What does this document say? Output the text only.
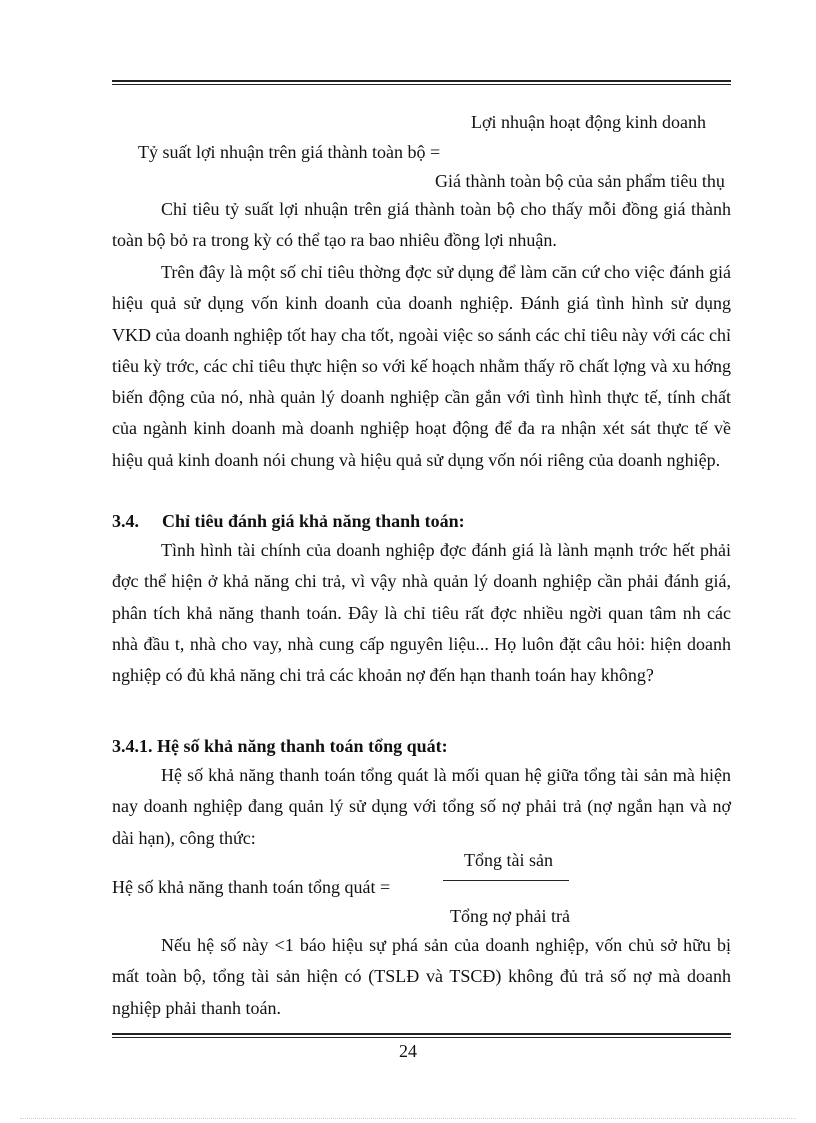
Lợi nhuận hoạt động kinh doanh
Tỷ suất lợi nhuận trên giá thành toàn bộ =
Giá thành toàn bộ của sản phẩm tiêu thụ
Chỉ tiêu tỷ suất lợi nhuận trên giá thành toàn bộ cho thấy mỗi đồng giá thành toàn bộ bỏ ra trong kỳ có thể tạo ra bao nhiêu đồng lợi nhuận.
Trên đây là một số chỉ tiêu thờng đợc sử dụng để làm căn cứ cho việc đánh giá hiệu quả sử dụng vốn kinh doanh của doanh nghiệp. Đánh giá tình hình sử dụng VKD của doanh nghiệp tốt hay cha tốt, ngoài việc so sánh các chỉ tiêu này với các chỉ tiêu kỳ trớc, các chỉ tiêu thực hiện so với kế hoạch nhằm thấy rõ chất lợng và xu hớng biến động của nó, nhà quản lý doanh nghiệp cần gắn với tình hình thực tế, tính chất của ngành kinh doanh mà doanh nghiệp hoạt động để đa ra nhận xét sát thực tế về hiệu quả kinh doanh nói chung và hiệu quả sử dụng vốn nói riêng của doanh nghiệp.
3.4. Chỉ tiêu đánh giá khả năng thanh toán:
Tình hình tài chính của doanh nghiệp đợc đánh giá là lành mạnh trớc hết phải đợc thể hiện ở khả năng chi trả, vì vậy nhà quản lý doanh nghiệp cần phải đánh giá, phân tích khả năng thanh toán. Đây là chỉ tiêu rất đợc nhiều ngời quan tâm nh các nhà đầu t, nhà cho vay, nhà cung cấp nguyên liệu... Họ luôn đặt câu hỏi: hiện doanh nghiệp có đủ khả năng chi trả các khoản nợ đến hạn thanh toán hay không?
3.4.1. Hệ số khả năng thanh toán tổng quát:
Hệ số khả năng thanh toán tổng quát là mối quan hệ giữa tổng tài sản mà hiện nay doanh nghiệp đang quản lý sử dụng với tổng số nợ phải trả (nợ ngắn hạn và nợ dài hạn), công thức:
Tổng tài sản
Hệ số khả năng thanh toán tổng quát =
Tổng nợ phải trả
Nếu hệ số này <1 báo hiệu sự phá sản của doanh nghiệp, vốn chủ sở hữu bị mất toàn bộ, tổng tài sản hiện có (TSLĐ và TSCĐ) không đủ trả số nợ mà doanh nghiệp phải thanh toán.
24
